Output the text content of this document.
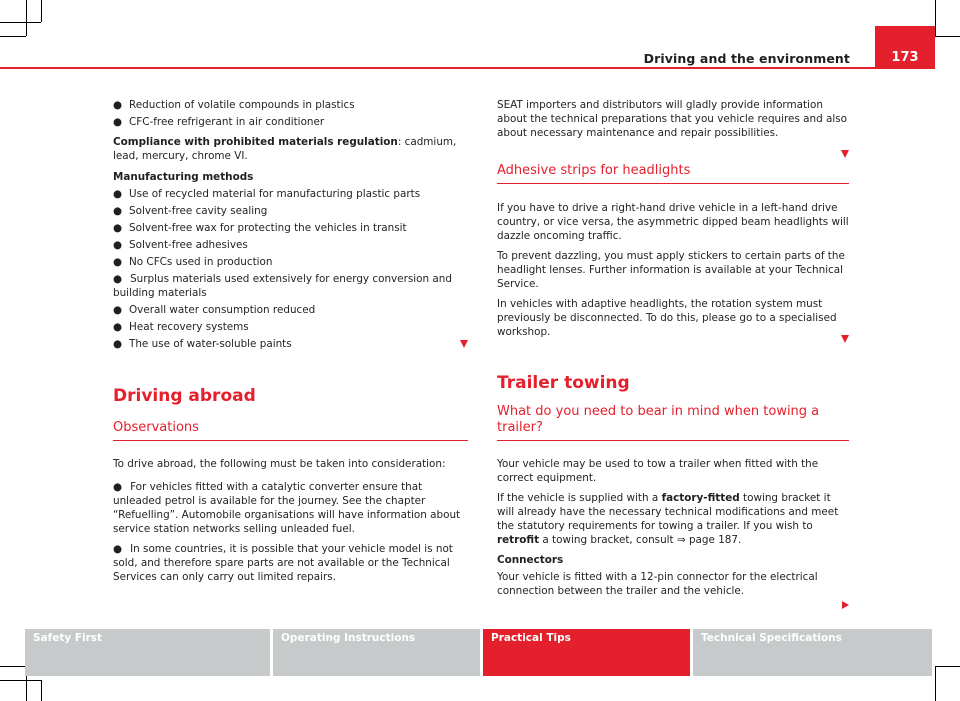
Driving and the environment	173
● Reduction of volatile compounds in plastics
● CFC-free refrigerant in air conditioner
Compliance with prohibited materials regulation: cadmium, lead, mercury, chrome VI.
Manufacturing methods
● Use of recycled material for manufacturing plastic parts
● Solvent-free cavity sealing
● Solvent-free wax for protecting the vehicles in transit
● Solvent-free adhesives
● No CFCs used in production
● Surplus materials used extensively for energy conversion and building materials
● Overall water consumption reduced
● Heat recovery systems
● The use of water-soluble paints
Driving abroad
Observations
To drive abroad, the following must be taken into consideration:
● For vehicles fitted with a catalytic converter ensure that unleaded petrol is available for the journey. See the chapter “Refuelling”. Automobile organisations will have information about service station networks selling unleaded fuel.
● In some countries, it is possible that your vehicle model is not sold, and therefore spare parts are not available or the Technical Services can only carry out limited repairs.
SEAT importers and distributors will gladly provide information about the technical preparations that you vehicle requires and also about necessary maintenance and repair possibilities.
Adhesive strips for headlights
If you have to drive a right-hand drive vehicle in a left-hand drive country, or vice versa, the asymmetric dipped beam headlights will dazzle oncoming traffic.
To prevent dazzling, you must apply stickers to certain parts of the headlight lenses. Further information is available at your Technical Service.
In vehicles with adaptive headlights, the rotation system must previously be disconnected. To do this, please go to a specialised workshop.
Trailer towing
What do you need to bear in mind when towing a trailer?
Your vehicle may be used to tow a trailer when fitted with the correct equipment.
If the vehicle is supplied with a factory-fitted towing bracket it will already have the necessary technical modifications and meet the statutory requirements for towing a trailer. If you wish to retrofit a towing bracket, consult ⇒ page 187.
Connectors
Your vehicle is fitted with a 12-pin connector for the electrical connection between the trailer and the vehicle.
Safety First	Operating Instructions	Practical Tips	Technical Specifications
